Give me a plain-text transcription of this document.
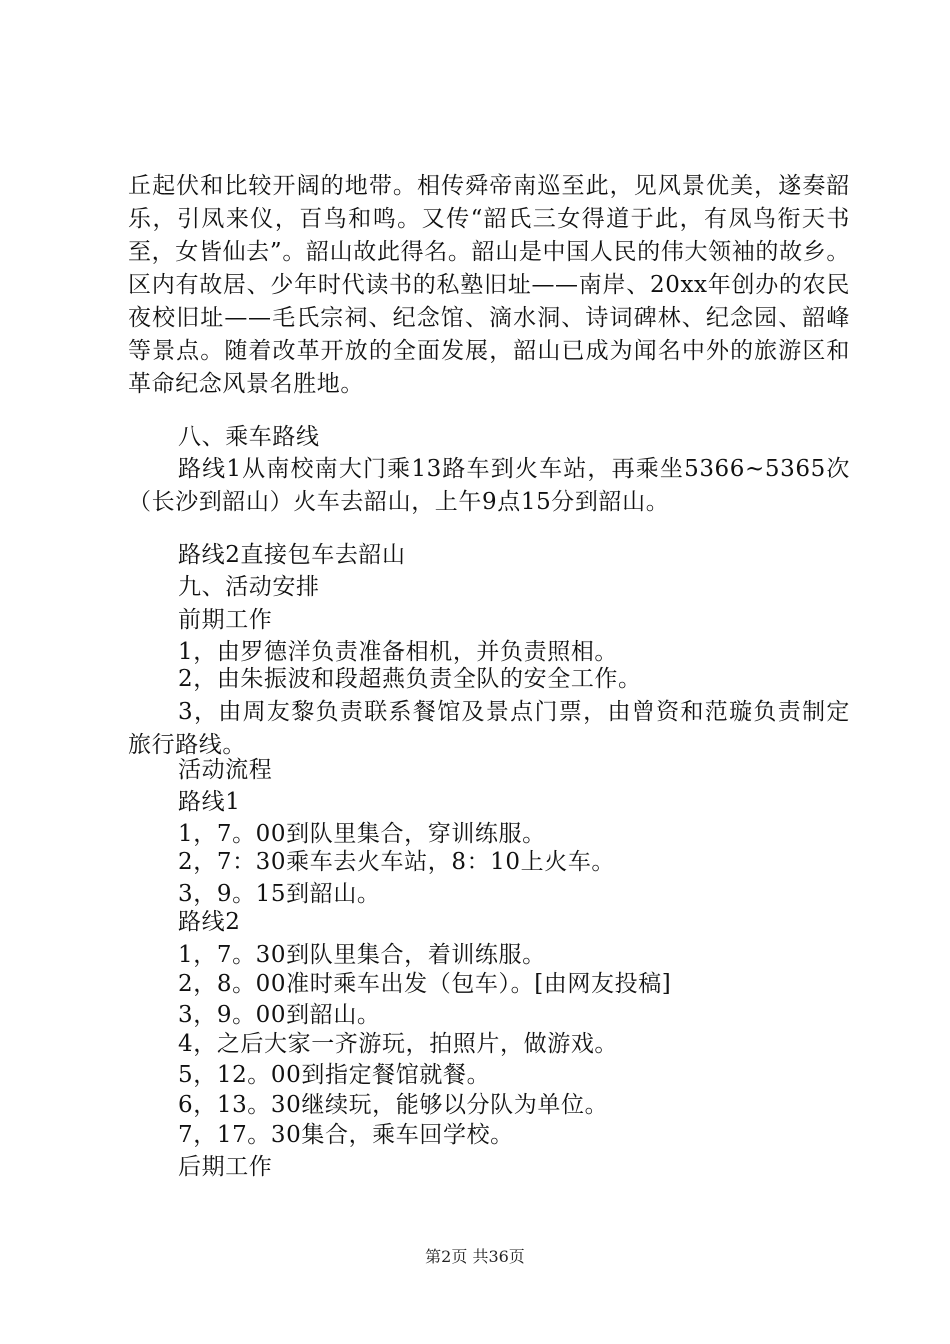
丘起伏和比较开阔的地带。相传舜帝南巡至此，见风景优美，遂奏韶乐，引凤来仪，百鸟和鸣。又传“韶氏三女得道于此，有凤鸟衔天书至，女皆仙去”。韶山故此得名。韶山是中国人民的伟大领袖的故乡。区内有故居、少年时代读书的私塾旧址——南岸、20xx年创办的农民夜校旧址——毛氏宗祠、纪念馆、滴水洞、诗词碑林、纪念园、韶峰等景点。随着改革开放的全面发展，韶山已成为闻名中外的旅游区和革命纪念风景名胜地。

八、乘车路线

路线1从南校南大门乘13路车到火车站，再乘坐5366~5365次（长沙到韶山）火车去韶山，上午9点15分到韶山。

路线2直接包车去韶山

九、活动安排

前期工作

1，由罗德洋负责准备相机，并负责照相。

2，由朱振波和段超燕负责全队的安全工作。

3，由周友黎负责联系餐馆及景点门票，由曾资和范璇负责制定旅行路线。

活动流程

路线1

1，7。00到队里集合，穿训练服。

2，7：30乘车去火车站，8：10上火车。

3，9。15到韶山。

路线2

1，7。30到队里集合，着训练服。

2，8。00准时乘车出发（包车）。[由网友投稿]

3，9。00到韶山。

4，之后大家一齐游玩，拍照片，做游戏。

5，12。00到指定餐馆就餐。

6，13。30继续玩，能够以分队为单位。

7，17。30集合，乘车回学校。

后期工作

第2页 共36页
